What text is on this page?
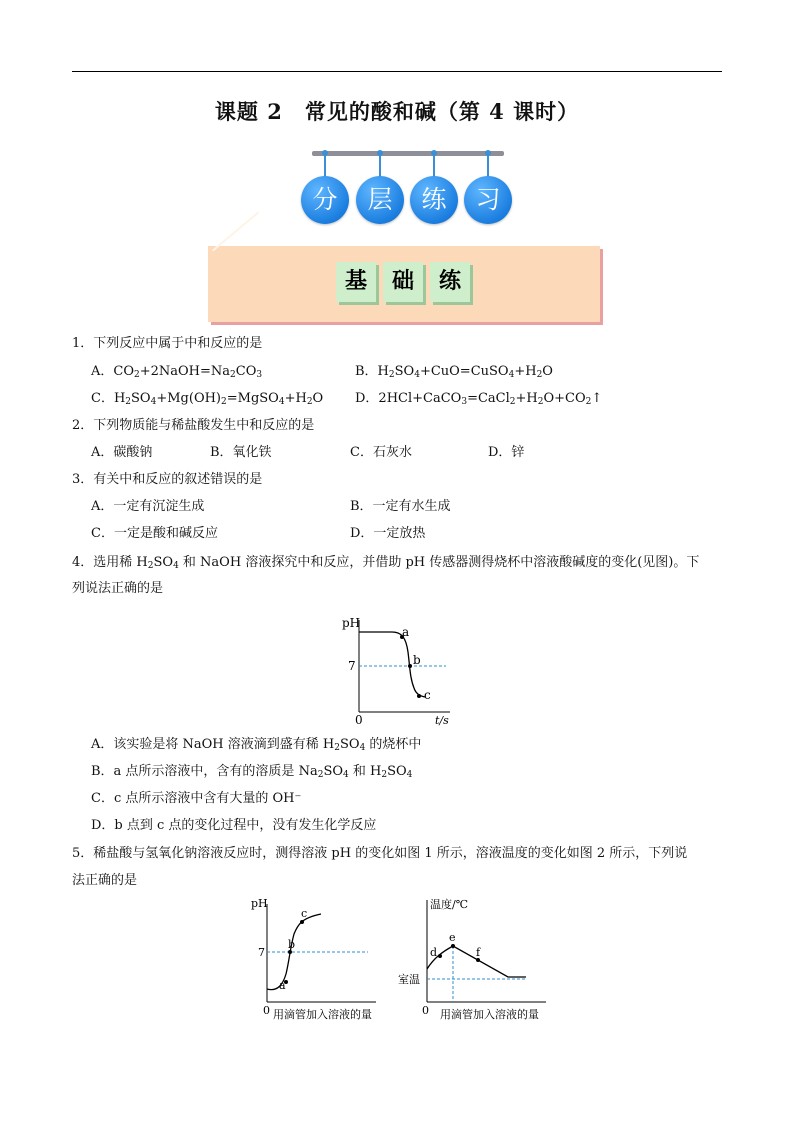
课题 2　常见的酸和碱（第 4 课时）
分	层	练	习
基	础	练
1．下列反应中属于中和反应的是
A．$CO_2+2NaOH=Na_2CO_3$	B．$H_2SO_4+CuO=CuSO_4+H_2O$
C．$H_2SO_4+Mg(OH)_2=MgSO_4+H_2O$ D．$2HCl+CaCO_3=CaCl_2+H_2O+CO_2↑$
2．下列物质能与稀盐酸发生中和反应的是
A．碳酸钠	B．氧化铁	C．石灰水	D．锌
3．有关中和反应的叙述错误的是
A．一定有沉淀生成	B．一定有水生成
C．一定是酸和碱反应	D．一定放热
4．选用稀 $H_2SO_4$ 和 NaOH 溶液探究中和反应，并借助 pH 传感器测得烧杯中溶液酸碱度的变化(见图)。下
列说法正确的是
pH
7
0	t/s
a
b
c
A．该实验是将 NaOH 溶液滴到盛有稀 $H_2SO_4$ 的烧杯中
B．a 点所示溶液中，含有的溶质是 $Na_2SO_4$ 和 $H_2SO_4$
C．c 点所示溶液中含有大量的 OH⁻
D．b 点到 c 点的变化过程中，没有发生化学反应
5．稀盐酸与氢氧化钠溶液反应时，测得溶液 pH 的变化如图 1 所示，溶液温度的变化如图 2 所示，下列说
法正确的是
pH
7
0 用滴管加入溶液的量
a
b
c
温度/℃
室温
0 用滴管加入溶液的量
d
e
f
